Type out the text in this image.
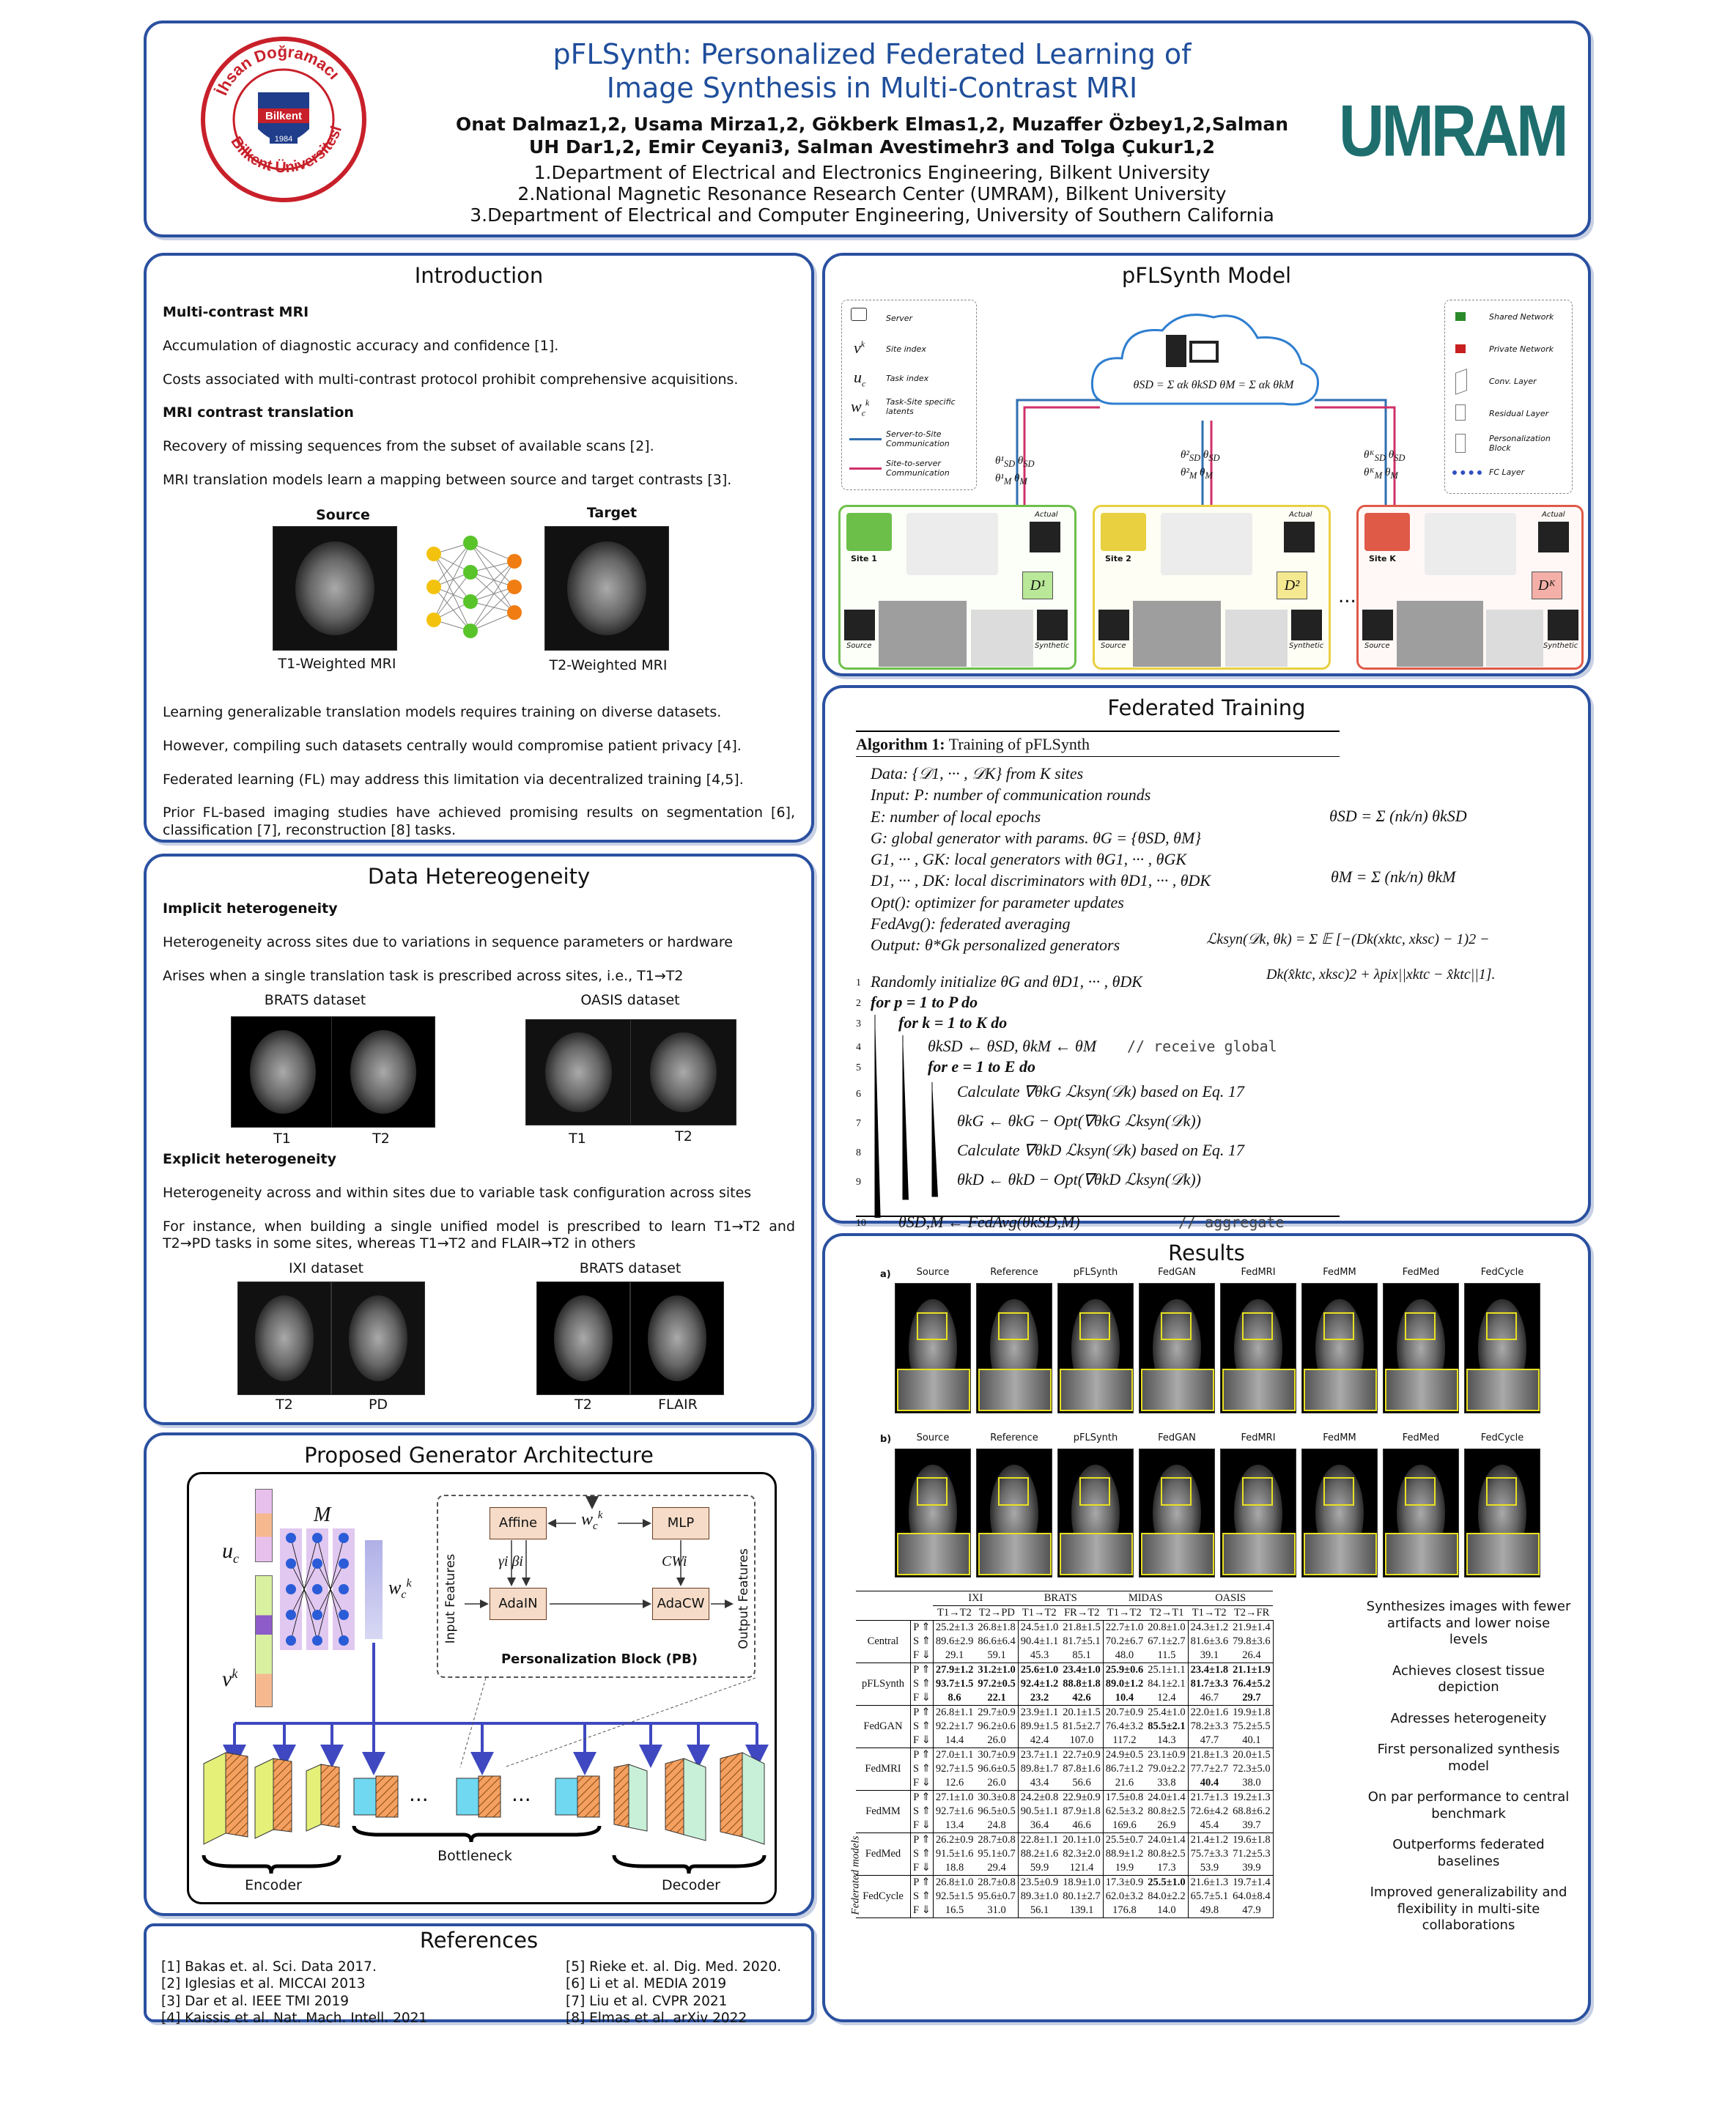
İhsan Doğramacı
Bilkent Üniversitesi
Bilkent
1984
pFLSynth: Personalized Federated Learning of
Image Synthesis in Multi-Contrast MRI
Onat Dalmaz1,2, Usama Mirza1,2, Gökberk Elmas1,2, Muzaffer Özbey1,2,Salman
UH Dar1,2, Emir Ceyani3, Salman Avestimehr3 and Tolga Çukur1,2
1.Department of Electrical and Electronics Engineering, Bilkent University
2.National Magnetic Resonance Research Center (UMRAM), Bilkent University
3.Department of Electrical and Computer Engineering, University of Southern California
UMRAM
Introduction
Multi-contrast MRI

Accumulation of diagnostic accuracy and confidence [1].

Costs associated with multi-contrast protocol prohibit comprehensive acquisitions.

MRI contrast translation

Recovery of missing sequences from the subset of available scans [2].

MRI translation models learn a mapping between source and target contrasts [3].

Source	Target
T1-Weighted MRI	T2-Weighted MRI

Learning generalizable translation models requires training on diverse datasets.

However, compiling such datasets centrally would compromise patient privacy [4].

Federated learning (FL) may address this limitation via decentralized training [4,5].

Prior FL-based imaging studies have achieved promising results on segmentation [6], classification [7], reconstruction [8] tasks.

Data Hetereogeneity
Implicit heterogeneity

Heterogeneity across sites due to variations in sequence parameters or hardware

Arises when a single translation task is prescribed across sites, i.e., T1→T2

BRATS dataset	OASIS dataset
T1	T2	T1	T2
Explicit heterogeneity

Heterogeneity across and within sites due to variable task configuration across sites

For instance, when building a single unified model is prescribed to learn T1→T2 and T2→PD tasks in some sites, whereas T1→T2 and FLAIR→T2 in others

IXI dataset	BRATS dataset
T2	PD	T2	FLAIR
Proposed Generator Architecture
$u_c$
$v^k$
M
$w_c^k$
Affine	MLP
$w_c^k$
γi βi	CWi
AdaIN	AdaCW
Input Features	Output Features
Personalization Block (PB)
...	...
Encoder
Bottleneck
Decoder
References
[1] Bakas et. al. Sci. Data 2017.
[2] Iglesias et al. MICCAI 2013
[3] Dar et al. IEEE TMI 2019
[4] Kaissis et al. Nat. Mach. Intell. 2021
[5] Rieke et. al. Dig. Med. 2020.
[6] Li et al. MEDIA 2019
[7] Liu et al. CVPR 2021
[8] Elmas et al. arXiv 2022
pFLSynth Model
Server
$v^k$	Site index
$u_c$	Task index
$w_c^k$ Task-Site specific latents
Server-to-Site Communication
Site-to-server Communication
Shared Network
Private Network
Conv. Layer
Residual Layer
Personalization Block
FC Layer
θSD = Σ αk θkSD θM = Σ αk θkM
$\theta^1_{SD}$ $\theta_{SD}$
$\theta^1_M$ $\theta_M$
$\theta^2_{SD}$ $\theta_{SD}$
$\theta^2_M$ $\theta_M$
θᴷ$_{SD}$ $\theta_{SD}$
θᴷ$_M$ $\theta_M$
Site 1
Actual
D¹
Source	Synthetic
Site 2
Actual
D²
Source	Synthetic
...
Site K
Actual
Dᴷ
Source	Synthetic
Federated Training
Algorithm 1: Training of pFLSynth
Data: {𝒟1, ··· , 𝒟K} from K sites
Input: P: number of communication rounds
E: number of local epochs
G: global generator with params. θG = {θSD, θM}
G1, ··· , GK: local generators with θG1, ··· , θGK
D1, ··· , DK: local discriminators with θD1, ··· , θDK
Opt(): optimizer for parameter updates
FedAvg(): federated averaging
Output: θ*Gk personalized generators
1
2
3
4
5
6
7
8
9
10
Randomly initialize θG and θD1, ··· , θDK
for p = 1 to P do
for k = 1 to K do
θkSD ← θSD, θkM ← θM // receive global
for e = 1 to E do
Calculate ∇θkG ℒksyn(𝒟k) based on Eq. 17
θkG ← θkG − Opt(∇θkG ℒksyn(𝒟k))
Calculate ∇θkD ℒksyn(𝒟k) based on Eq. 17
θkD ← θkD − Opt(∇θkD ℒksyn(𝒟k))
θSD,M ← FedAvg(θkSD,M)	// aggregate
θSD = Σ (nk/n) θkSD
θM = Σ (nk/n) θkM
ℒksyn(𝒟k, θk) = Σ 𝔼 [−(Dk(xktc, xksc) − 1)2 −
Dk(x̂ktc, xksc)2 + λpix||xktc − x̂ktc||1].
Results
a)
b)
Source	Reference	pFLSynth	FedGAN	FedMRI	FedMM	FedMed	FedCycle
Source	Reference	pFLSynth	FedGAN	FedMRI	FedMM	FedMed	FedCycle
Federated models
		IXI		BRATS		MIDAS		OASIS	
		T1→T2	T2→PD	T1→T2	FR→T2	T1→T2	T2→T1	T1→T2	T2→FR
Central	P ⇑	25.2±1.3	26.8±1.8	24.5±1.0	21.8±1.5	22.7±1.0	20.8±1.0	24.3±1.2	21.9±1.4
	S ⇑	89.6±2.9	86.6±6.4	90.4±1.1	81.7±5.1	70.2±6.7	67.1±2.7	81.6±3.6	79.8±3.6
	F ⇓	29.1	59.1	45.3	85.1	48.0	11.5	39.1	26.4
pFLSynth	P ⇑	27.9±1.2	31.2±1.0	25.6±1.0	23.4±1.0	25.9±0.6	25.1±1.1	23.4±1.8	21.1±1.9
	S ⇑	93.7±1.5	97.2±0.5	92.4±1.2	88.8±1.8	89.0±1.2	84.1±2.1	81.7±3.3	76.4±5.2
	F ⇓	8.6	22.1	23.2	42.6	10.4	12.4	46.7	29.7
FedGAN	P ⇑	26.8±1.1	29.7±0.9	23.9±1.1	20.1±1.5	20.7±0.9	25.4±1.0	22.0±1.6	19.9±1.8
	S ⇑	92.2±1.7	96.2±0.6	89.9±1.5	81.5±2.7	76.4±3.2	85.5±2.1	78.2±3.3	75.2±5.5
	F ⇓	14.4	26.0	42.4	107.0	117.2	14.3	47.7	40.1
FedMRI	P ⇑	27.0±1.1	30.7±0.9	23.7±1.1	22.7±0.9	24.9±0.5	23.1±0.9	21.8±1.3	20.0±1.5
	S ⇑	92.7±1.5	96.6±0.5	89.8±1.7	87.8±1.6	86.7±1.2	79.0±2.2	77.7±2.7	72.3±5.0
	F ⇓	12.6	26.0	43.4	56.6	21.6	33.8	40.4	38.0
FedMM	P ⇑	27.1±1.0	30.3±0.8	24.2±0.8	22.9±0.9	17.5±0.8	24.0±1.4	21.7±1.3	19.2±1.3
	S ⇑	92.7±1.6	96.5±0.5	90.5±1.1	87.9±1.8	62.5±3.2	80.8±2.5	72.6±4.2	68.8±6.2
	F ⇓	13.4	24.8	36.4	46.6	169.6	26.9	45.4	39.7
FedMed	P ⇑	26.2±0.9	28.7±0.8	22.8±1.1	20.1±1.0	25.5±0.7	24.0±1.4	21.4±1.2	19.6±1.8
	S ⇑	91.5±1.6	95.1±0.7	88.2±1.6	82.3±2.0	88.9±1.2	80.8±2.5	75.7±3.3	71.2±5.3
	F ⇓	18.8	29.4	59.9	121.4	19.9	17.3	53.9	39.9
FedCycle	P ⇑	26.8±1.0	28.7±0.8	23.5±0.9	18.9±1.0	17.3±0.9	25.5±1.0	21.6±1.3	19.7±1.4
	S ⇑	92.5±1.5	95.6±0.7	89.3±1.0	80.1±2.7	62.0±3.2	84.0±2.2	65.7±5.1	64.0±8.4
	F ⇓	16.5	31.0	56.1	139.1	176.8	14.0	49.8	47.9
Synthesizes images with fewer artifacts and lower noise levels
Achieves closest tissue depiction
Adresses heterogeneity
First personalized synthesis model
On par performance to central benchmark
Outperforms federated baselines
Improved generalizability and flexibility in multi-site collaborations
